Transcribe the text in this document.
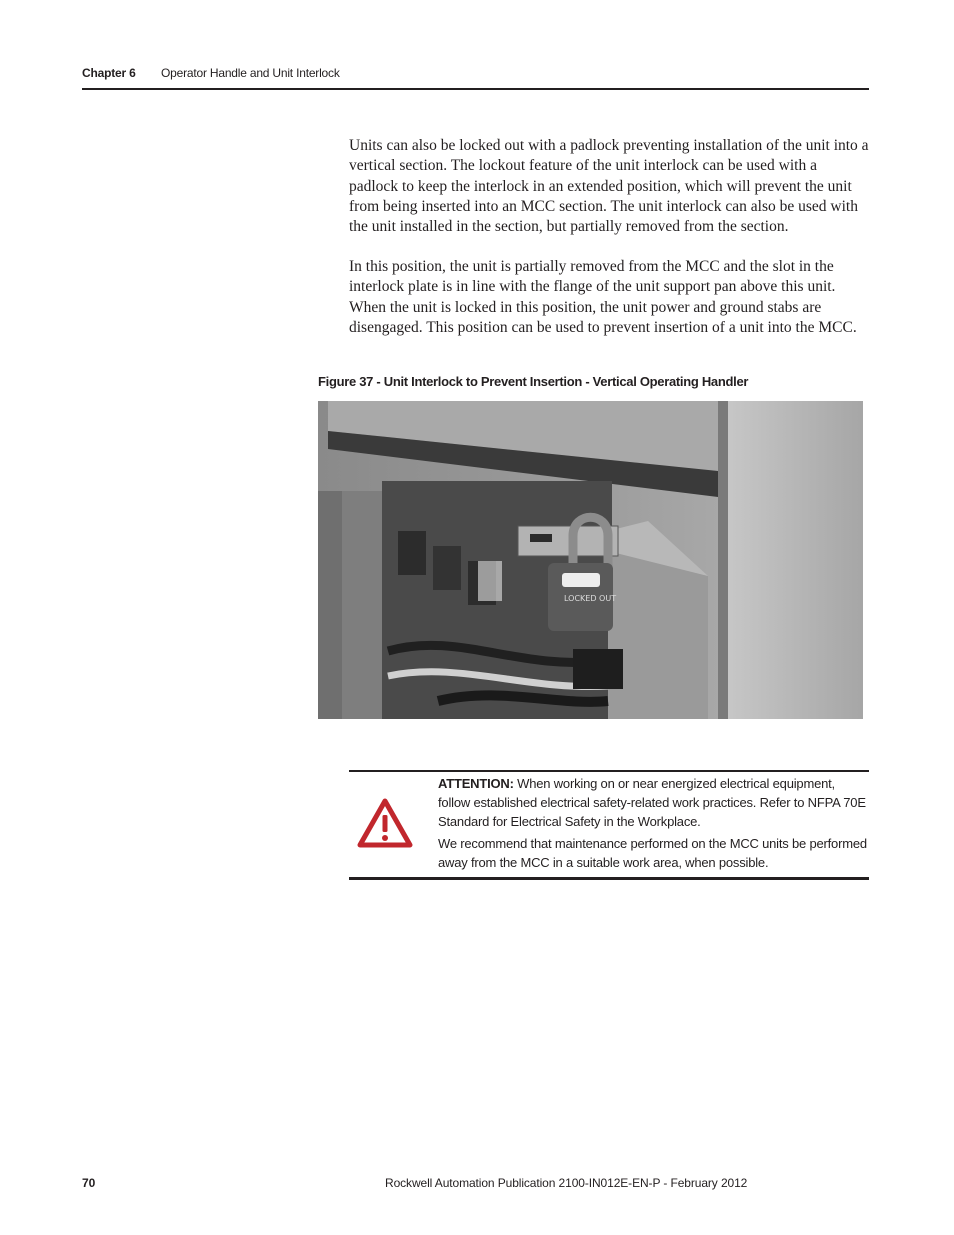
Chapter 6 Operator Handle and Unit Interlock

Units can also be locked out with a padlock preventing installation of the unit into a vertical section. The lockout feature of the unit interlock can be used with a padlock to keep the interlock in an extended position, which will prevent the unit from being inserted into an MCC section. The unit interlock can also be used with the unit installed in the section, but partially removed from the section.

In this position, the unit is partially removed from the MCC and the slot in the interlock plate is in line with the flange of the unit support pan above this unit. When the unit is locked in this position, the unit power and ground stabs are disengaged. This position can be used to prevent insertion of a unit into the MCC.

Figure 37 - Unit Interlock to Prevent Insertion - Vertical Operating Handler
LOCKED OUT

ATTENTION: When working on or near energized electrical equipment, follow established electrical safety-related work practices. Refer to NFPA 70E Standard for Electrical Safety in the Workplace.

We recommend that maintenance performed on the MCC units be performed away from the MCC in a suitable work area, when possible.

70	Rockwell Automation Publication 2100-IN012E-EN-P - February 2012
